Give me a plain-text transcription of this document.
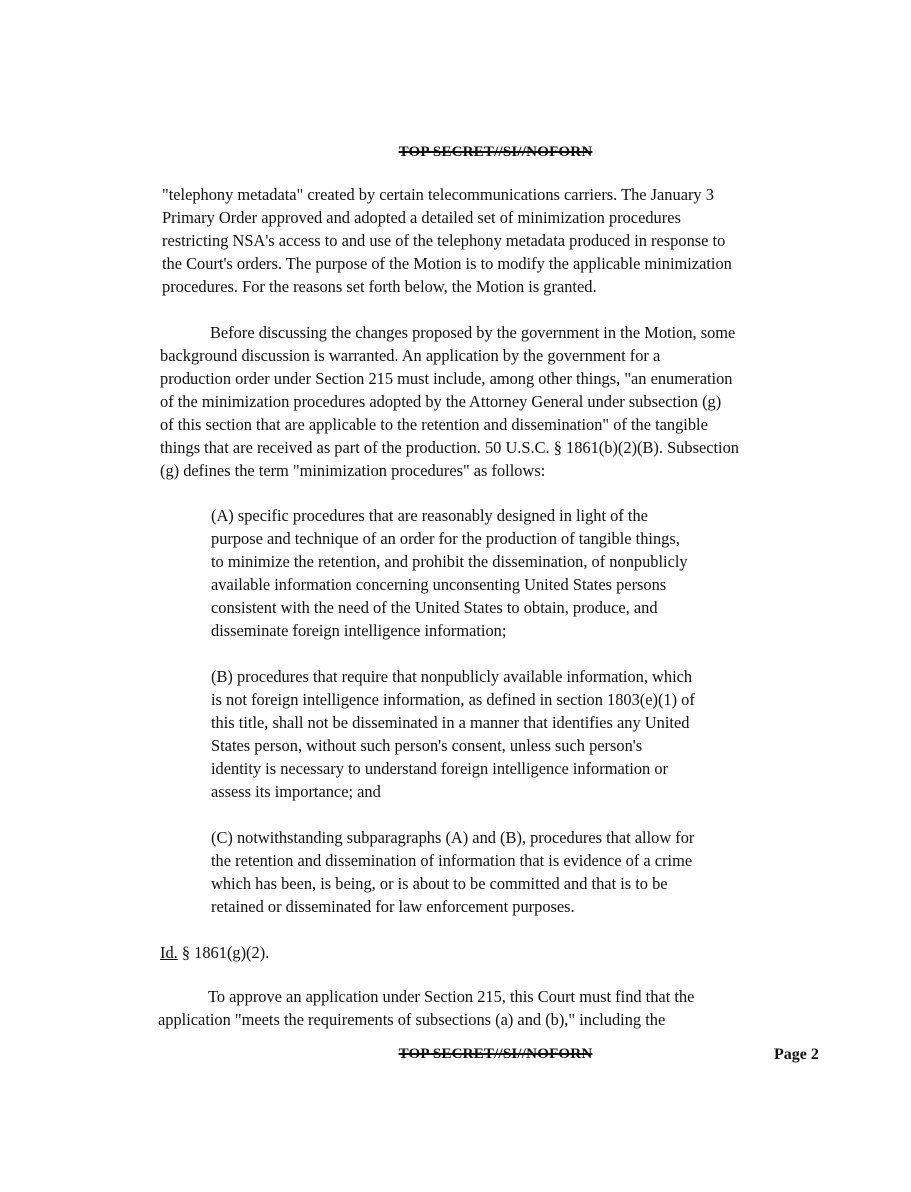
TOP SECRET//SI//NOFORN
"telephony metadata" created by certain telecommunications carriers. The January 3
Primary Order approved and adopted a detailed set of minimization procedures
restricting NSA's access to and use of the telephony metadata produced in response to
the Court's orders. The purpose of the Motion is to modify the applicable minimization
procedures. For the reasons set forth below, the Motion is granted.
Before discussing the changes proposed by the government in the Motion, some
background discussion is warranted. An application by the government for a
production order under Section 215 must include, among other things, "an enumeration
of the minimization procedures adopted by the Attorney General under subsection (g)
of this section that are applicable to the retention and dissemination" of the tangible
things that are received as part of the production. 50 U.S.C. § 1861(b)(2)(B). Subsection
(g) defines the term "minimization procedures" as follows:
(A) specific procedures that are reasonably designed in light of the
purpose and technique of an order for the production of tangible things,
to minimize the retention, and prohibit the dissemination, of nonpublicly
available information concerning unconsenting United States persons
consistent with the need of the United States to obtain, produce, and
disseminate foreign intelligence information;
(B) procedures that require that nonpublicly available information, which
is not foreign intelligence information, as defined in section 1803(e)(1) of
this title, shall not be disseminated in a manner that identifies any United
States person, without such person's consent, unless such person's
identity is necessary to understand foreign intelligence information or
assess its importance; and
(C) notwithstanding subparagraphs (A) and (B), procedures that allow for
the retention and dissemination of information that is evidence of a crime
which has been, is being, or is about to be committed and that is to be
retained or disseminated for law enforcement purposes.
Id. § 1861(g)(2).
To approve an application under Section 215, this Court must find that the
application "meets the requirements of subsections (a) and (b)," including the
TOP SECRET//SI//NOFORN	Page 2
